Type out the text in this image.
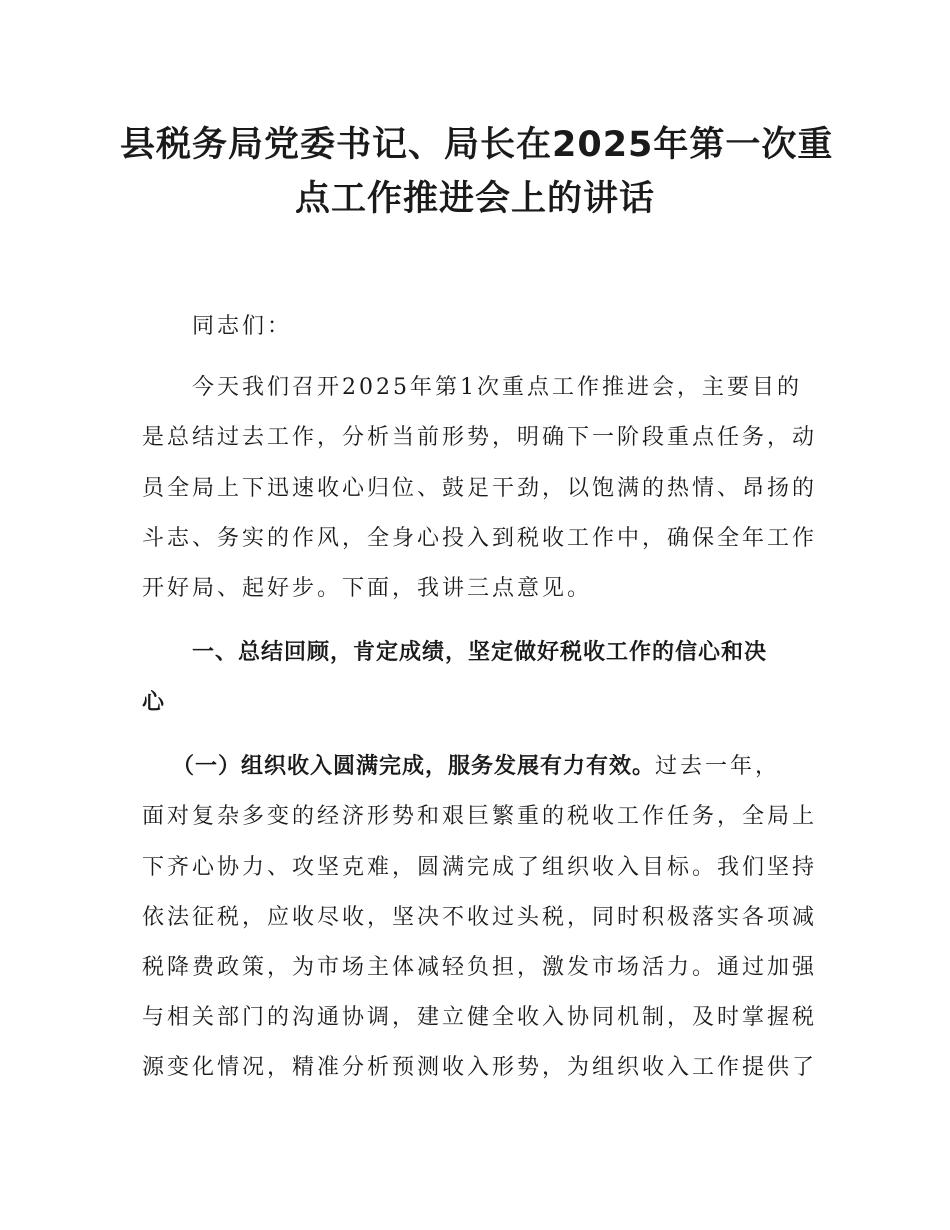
县税务局党委书记、局长在2025年第一次重
点工作推进会上的讲话
同志们：
今天我们召开2025年第1次重点工作推进会，主要目的
是总结过去工作，分析当前形势，明确下一阶段重点任务，动
员全局上下迅速收心归位、鼓足干劲，以饱满的热情、昂扬的
斗志、务实的作风，全身心投入到税收工作中，确保全年工作
开好局、起好步。下面，我讲三点意见。
一、总结回顾，肯定成绩，坚定做好税收工作的信心和决
心
（一）组织收入圆满完成，服务发展有力有效。过去一年，
面对复杂多变的经济形势和艰巨繁重的税收工作任务，全局上
下齐心协力、攻坚克难，圆满完成了组织收入目标。我们坚持
依法征税，应收尽收，坚决不收过头税，同时积极落实各项减
税降费政策，为市场主体减轻负担，激发市场活力。通过加强
与相关部门的沟通协调，建立健全收入协同机制，及时掌握税
源变化情况，精准分析预测收入形势，为组织收入工作提供了
